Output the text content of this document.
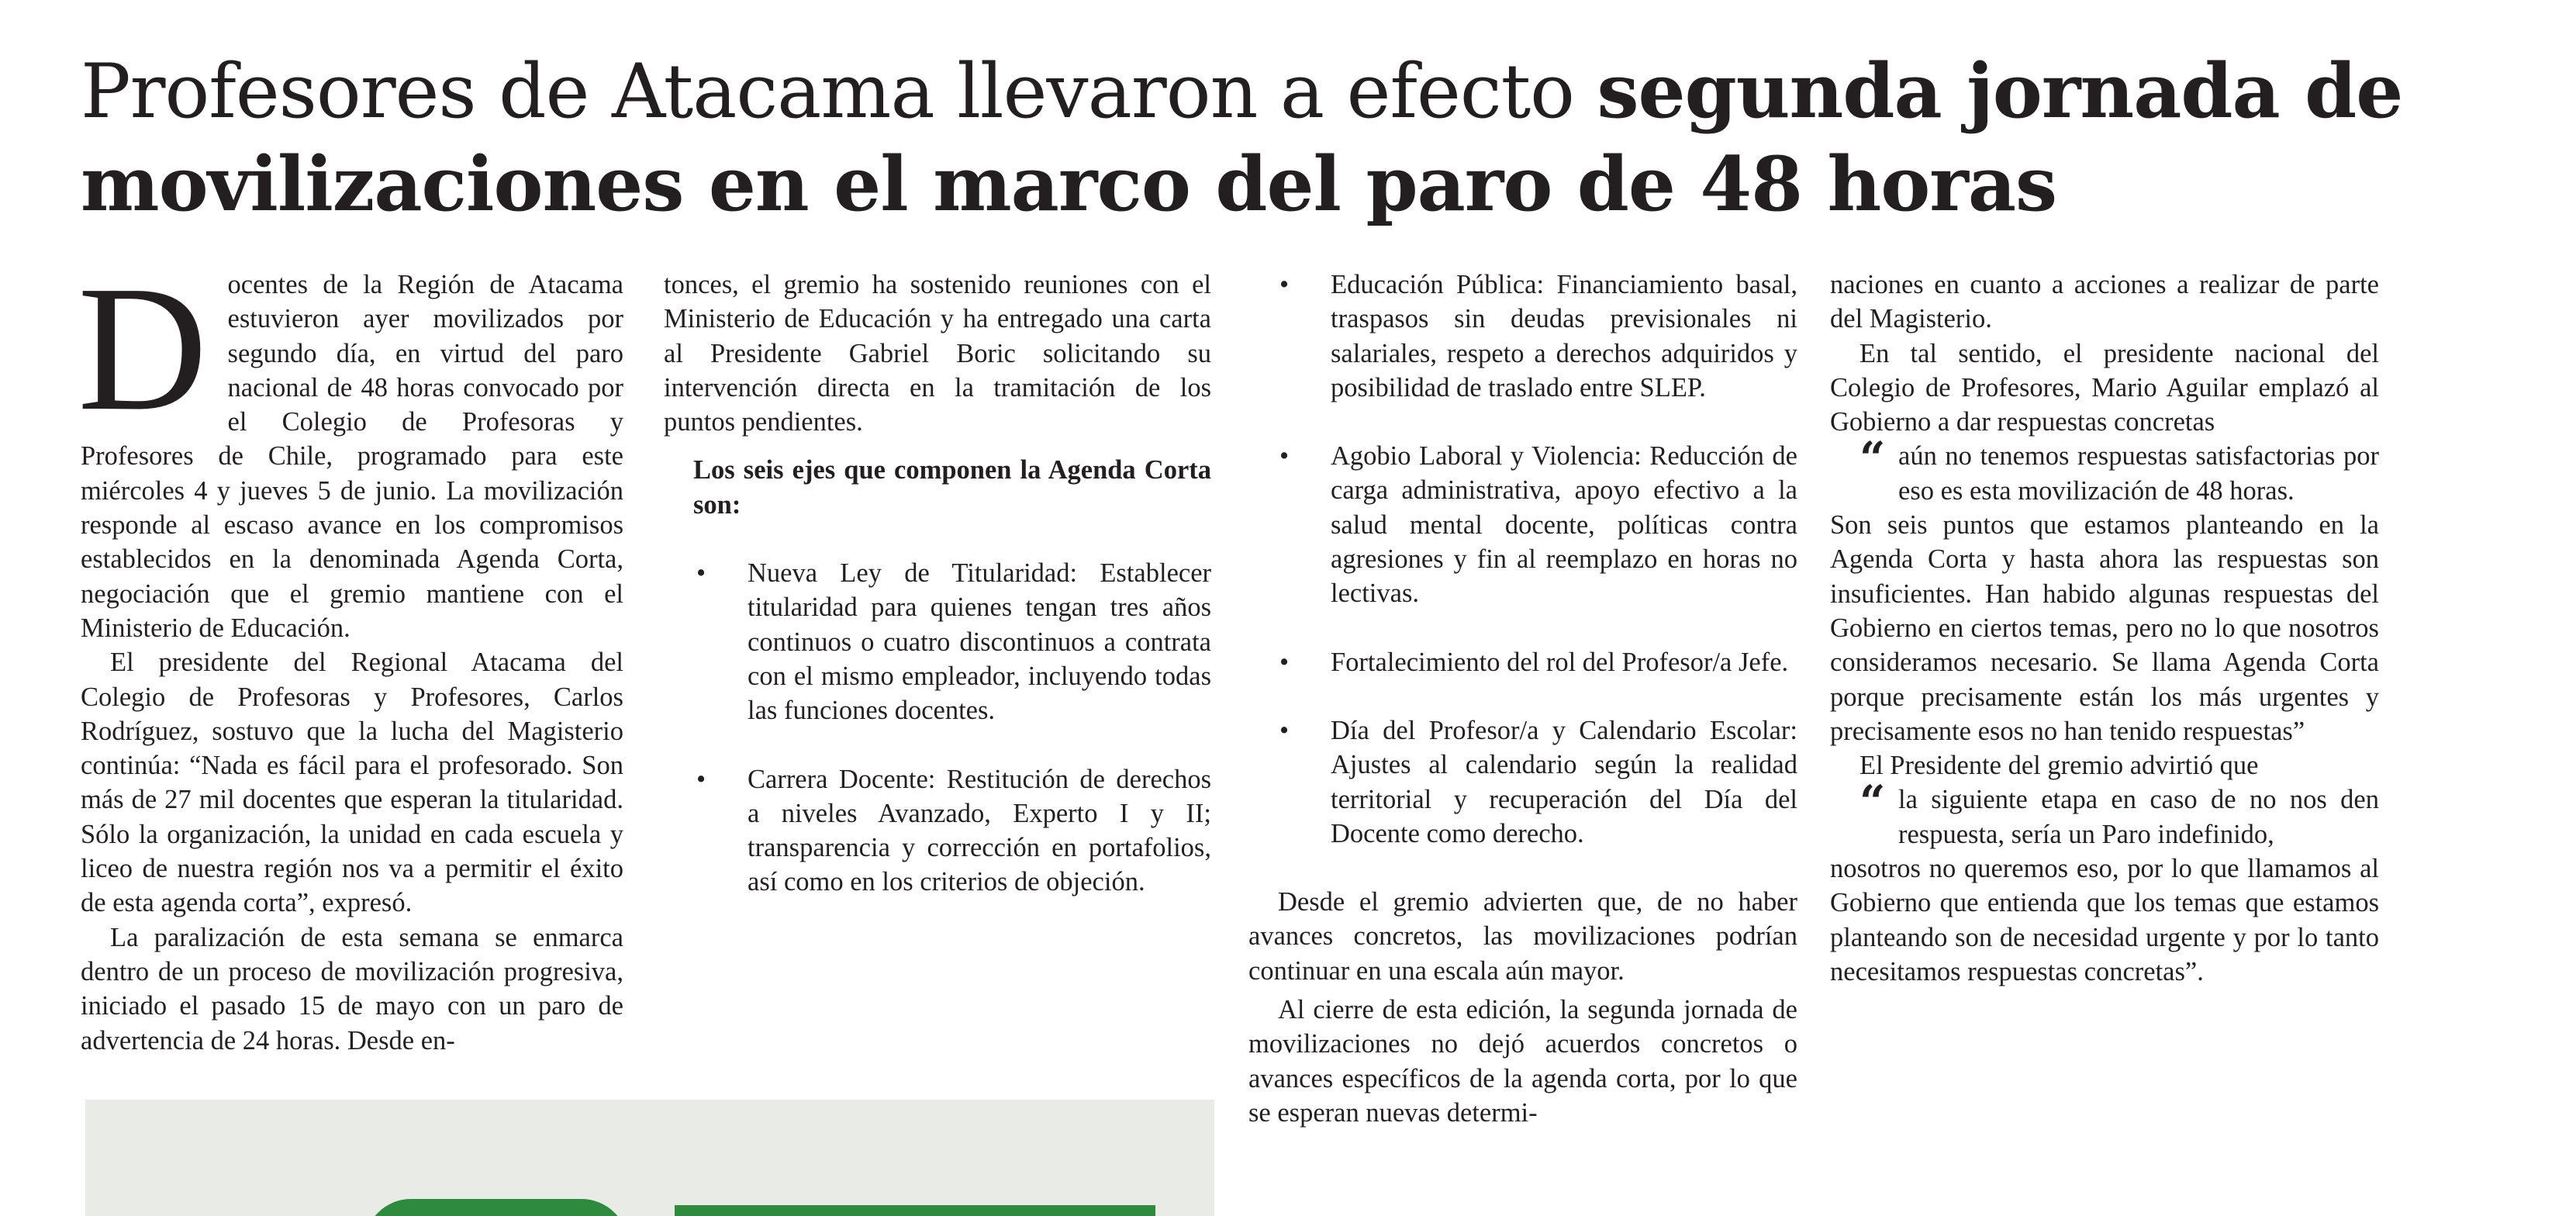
Profesores de Atacama llevaron a efecto segunda jornada de movilizaciones en el marco del paro de 48 horas

Docentes de la Región de Atacama estuvieron ayer movilizados por segundo día, en virtud del paro nacional de 48 horas convocado por el Colegio de Profesoras y Profesores de Chile, programado para este miércoles 4 y jueves 5 de junio. La movilización responde al escaso avance en los compromisos establecidos en la denominada Agenda Corta, negociación que el gremio mantiene con el Ministerio de Educación.

El presidente del Regional Atacama del Colegio de Profesoras y Profesores, Carlos Rodríguez, sostuvo que la lucha del Magisterio continúa: “Nada es fácil para el profesorado. Son más de 27 mil docentes que esperan la titularidad. Sólo la organización, la unidad en cada escuela y liceo de nuestra región nos va a permitir el éxito de esta agenda corta”, expresó.

La paralización de esta semana se enmarca dentro de un proceso de movilización progresiva, iniciado el pasado 15 de mayo con un paro de advertencia de 24 horas. Desde en-

tonces, el gremio ha sostenido reuniones con el Ministerio de Educación y ha entregado una carta al Presidente Gabriel Boric solicitando su intervención directa en la tramitación de los puntos pendientes.

Los seis ejes que componen la Agenda Corta son:

• Nueva Ley de Titularidad: Establecer titularidad para quienes tengan tres años continuos o cuatro discontinuos a contrata con el mismo empleador, incluyendo todas las funciones docentes.
• Carrera Docente: Restitución de derechos a niveles Avanzado, Experto I y II; transparencia y corrección en portafolios, así como en los criterios de objeción.
• Educación Pública: Financiamiento basal, traspasos sin deudas previsionales ni salariales, respeto a derechos adquiridos y posibilidad de traslado entre SLEP.
• Agobio Laboral y Violencia: Reducción de carga administrativa, apoyo efectivo a la salud mental docente, políticas contra agresiones y fin al reemplazo en horas no lectivas.
• Fortalecimiento del rol del Profesor/a Jefe.
• Día del Profesor/a y Calendario Escolar: Ajustes al calendario según la realidad territorial y recuperación del Día del Docente como derecho.

Desde el gremio advierten que, de no haber avances concretos, las movilizaciones podrían continuar en una escala aún mayor.

Al cierre de esta edición, la segunda jornada de movilizaciones no dejó acuerdos concretos o avances específicos de la agenda corta, por lo que se esperan nuevas determi-

naciones en cuanto a acciones a realizar de parte del Magisterio.

En tal sentido, el presidente nacional del Colegio de Profesores, Mario Aguilar emplazó al Gobierno a dar respuestas concretas

“ aún no tenemos respuestas satisfactorias por eso es esta movilización de 48 horas.

Son seis puntos que estamos planteando en la Agenda Corta y hasta ahora las respuestas son insuficientes. Han habido algunas respuestas del Gobierno en ciertos temas, pero no lo que nosotros consideramos necesario. Se llama Agenda Corta porque precisamente están los más urgentes y precisamente esos no han tenido respuestas”

El Presidente del gremio advirtió que

“ la siguiente etapa en caso de no nos den respuesta, sería un Paro indefinido,

nosotros no queremos eso, por lo que llamamos al Gobierno que entienda que los temas que estamos planteando son de necesidad urgente y por lo tanto necesitamos respuestas concretas”.
